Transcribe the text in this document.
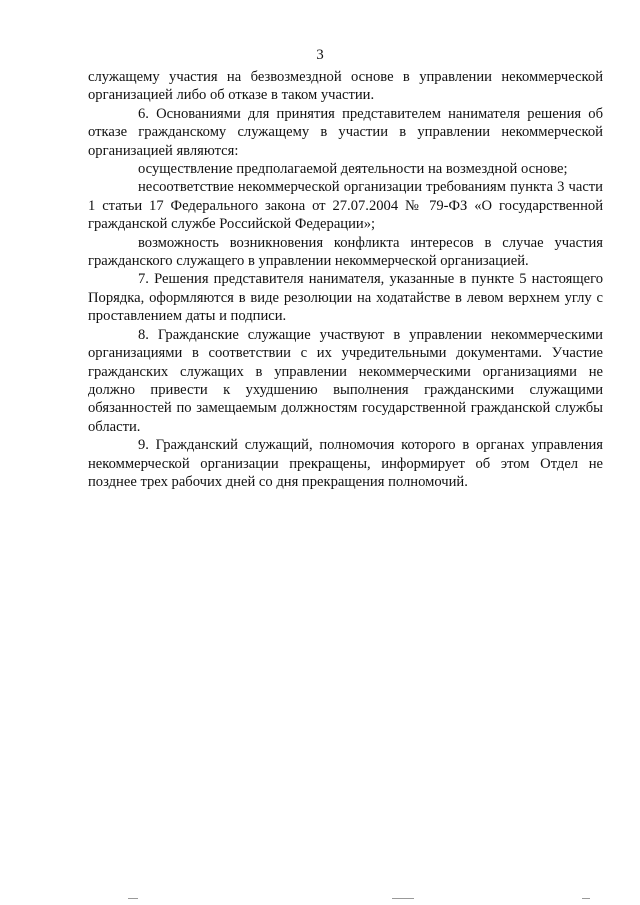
3

служащему участия на безвозмездной основе в управлении некоммерческой организацией либо об отказе в таком участии.

6. Основаниями для принятия представителем нанимателя решения об отказе гражданскому служащему в участии в управлении некоммерческой организацией являются:

осуществление предполагаемой деятельности на возмездной основе;

несоответствие некоммерческой организации требованиям пункта 3 части 1 статьи 17 Федерального закона от 27.07.2004 № 79-ФЗ «О государственной гражданской службе Российской Федерации»;

возможность возникновения конфликта интересов в случае участия гражданского служащего в управлении некоммерческой организацией.

7. Решения представителя нанимателя, указанные в пункте 5 настоящего Порядка, оформляются в виде резолюции на ходатайстве в левом верхнем углу с проставлением даты и подписи.

8. Гражданские служащие участвуют в управлении некоммерческими организациями в соответствии с их учредительными документами. Участие гражданских служащих в управлении некоммерческими организациями не должно привести к ухудшению выполнения гражданскими служащими обязанностей по замещаемым должностям государственной гражданской службы области.

9. Гражданский служащий, полномочия которого в органах управления некоммерческой организации прекращены, информирует об этом Отдел не позднее трех рабочих дней со дня прекращения полномочий.
